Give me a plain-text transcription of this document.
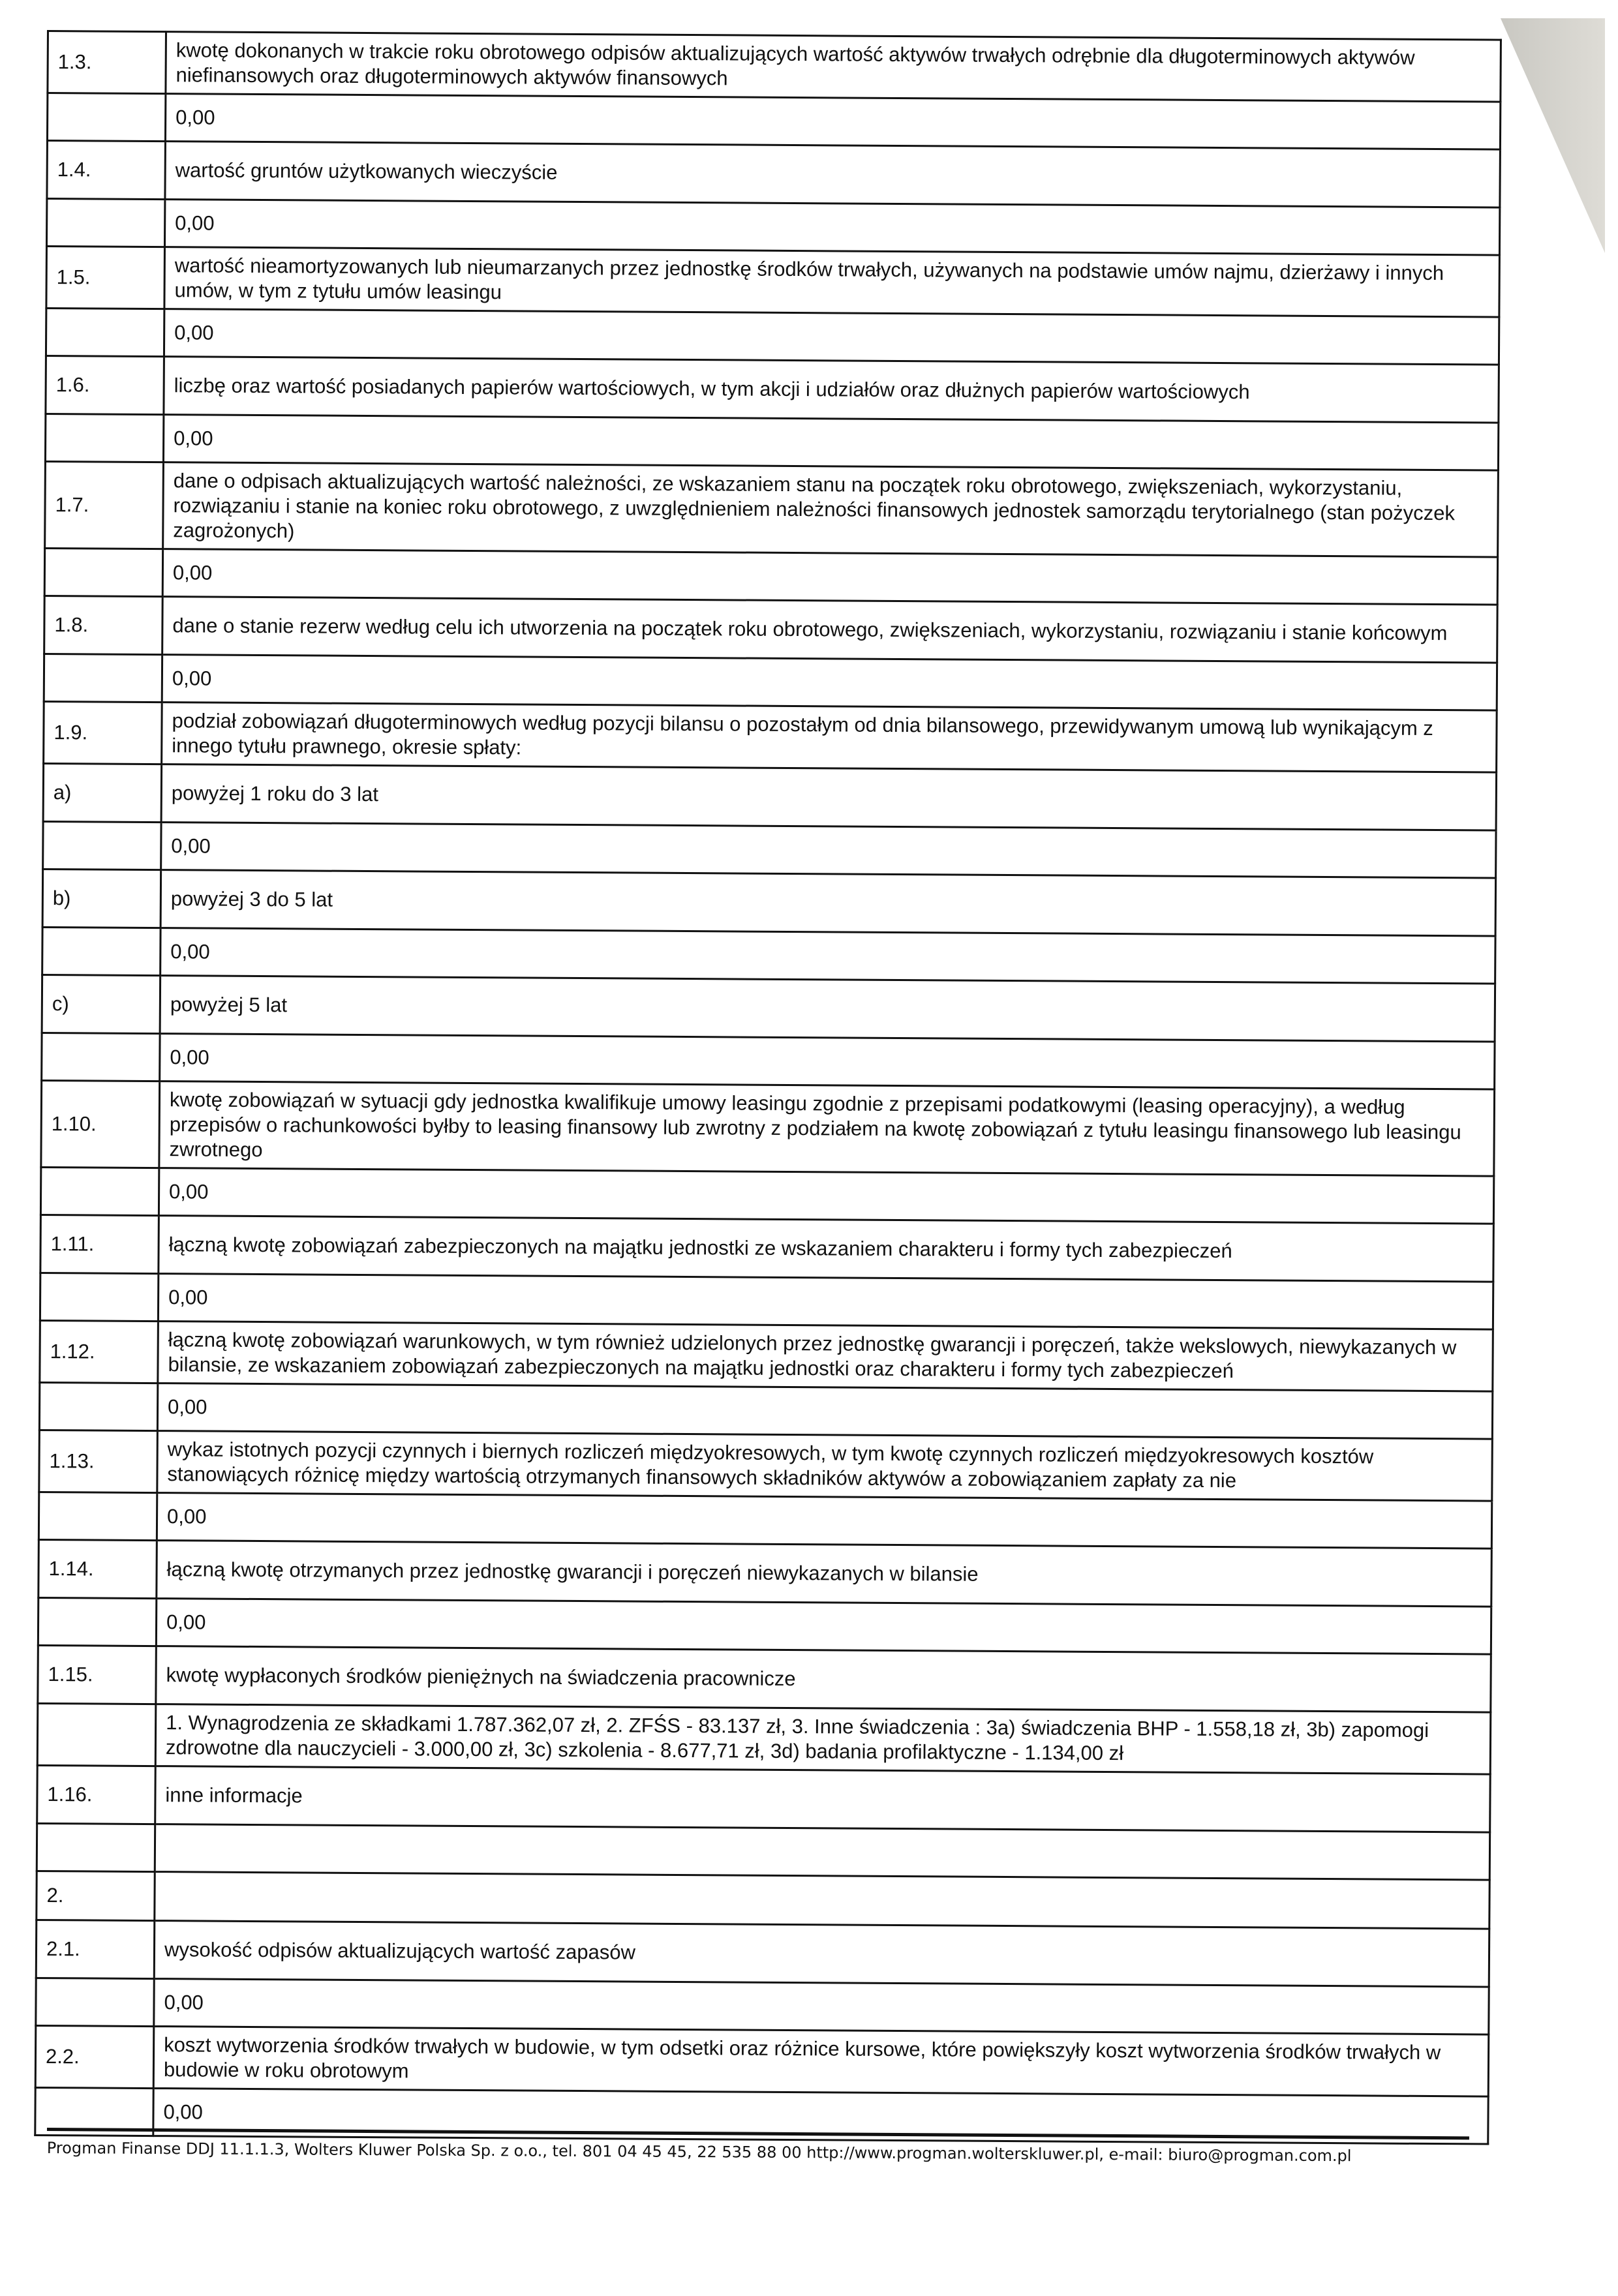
1.3.	kwotę dokonanych w trakcie roku obrotowego odpisów aktualizujących wartość aktywów trwałych odrębnie dla długoterminowych aktywów niefinansowych oraz długoterminowych aktywów finansowych
	0,00
1.4.	wartość gruntów użytkowanych wieczyście
	0,00
1.5.	wartość nieamortyzowanych lub nieumarzanych przez jednostkę środków trwałych, używanych na podstawie umów najmu, dzierżawy i innych umów, w tym z tytułu umów leasingu
	0,00
1.6.	liczbę oraz wartość posiadanych papierów wartościowych, w tym akcji i udziałów oraz dłużnych papierów wartościowych
	0,00
1.7.	dane o odpisach aktualizujących wartość należności, ze wskazaniem stanu na początek roku obrotowego, zwiększeniach, wykorzystaniu, rozwiązaniu i stanie na koniec roku obrotowego, z uwzględnieniem należności finansowych jednostek samorządu terytorialnego (stan pożyczek zagrożonych)
	0,00
1.8.	dane o stanie rezerw według celu ich utworzenia na początek roku obrotowego, zwiększeniach, wykorzystaniu, rozwiązaniu i stanie końcowym
	0,00
1.9.	podział zobowiązań długoterminowych według pozycji bilansu o pozostałym od dnia bilansowego, przewidywanym umową lub wynikającym z innego tytułu prawnego, okresie spłaty:
a)	powyżej 1 roku do 3 lat
	0,00
b)	powyżej 3 do 5 lat
	0,00
c)	powyżej 5 lat
	0,00
1.10.	kwotę zobowiązań w sytuacji gdy jednostka kwalifikuje umowy leasingu zgodnie z przepisami podatkowymi (leasing operacyjny), a według przepisów o rachunkowości byłby to leasing finansowy lub zwrotny z podziałem na kwotę zobowiązań z tytułu leasingu finansowego lub leasingu zwrotnego
	0,00
1.11.	łączną kwotę zobowiązań zabezpieczonych na majątku jednostki ze wskazaniem charakteru i formy tych zabezpieczeń
	0,00
1.12.	łączną kwotę zobowiązań warunkowych, w tym również udzielonych przez jednostkę gwarancji i poręczeń, także wekslowych, niewykazanych w bilansie, ze wskazaniem zobowiązań zabezpieczonych na majątku jednostki oraz charakteru i formy tych zabezpieczeń
	0,00
1.13.	wykaz istotnych pozycji czynnych i biernych rozliczeń międzyokresowych, w tym kwotę czynnych rozliczeń międzyokresowych kosztów stanowiących różnicę między wartością otrzymanych finansowych składników aktywów a zobowiązaniem zapłaty za nie
	0,00
1.14.	łączną kwotę otrzymanych przez jednostkę gwarancji i poręczeń niewykazanych w bilansie
	0,00
1.15.	kwotę wypłaconych środków pieniężnych na świadczenia pracownicze
	1. Wynagrodzenia ze składkami 1.787.362,07 zł, 2. ZFŚS - 83.137 zł, 3. Inne świadczenia : 3a) świadczenia BHP - 1.558,18 zł, 3b) zapomogi zdrowotne dla nauczycieli - 3.000,00 zł, 3c) szkolenia - 8.677,71 zł, 3d) badania profilaktyczne - 1.134,00 zł
1.16.	inne informacje

2.	
2.1.	wysokość odpisów aktualizujących wartość zapasów
	0,00
2.2.	koszt wytworzenia środków trwałych w budowie, w tym odsetki oraz różnice kursowe, które powiększyły koszt wytworzenia środków trwałych w budowie w roku obrotowym
	0,00
Progman Finanse DDJ 11.1.1.3, Wolters Kluwer Polska Sp. z o.o., tel. 801 04 45 45, 22 535 88 00 http://www.progman.wolterskluwer.pl, e-mail: biuro@progman.com.pl
